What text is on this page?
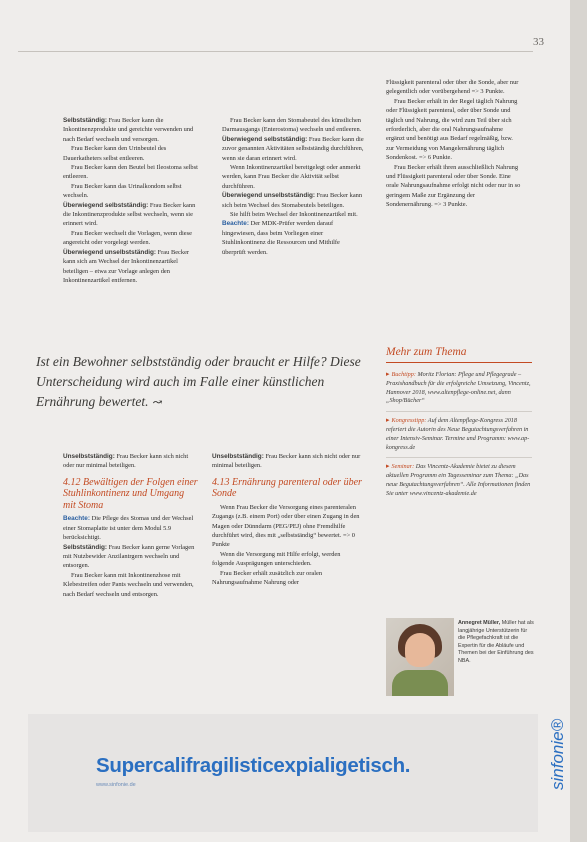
33

Selbstständig: Frau Becker kann die Inkontinenzprodukte und gereichte verwenden und nach Bedarf wechseln und versorgen.

Frau Becker kann den Urinbeutel des Dauerkatheters selbst entleeren.

Frau Becker kann den Beutel bei Ileostoma selbst entleeren.

Frau Becker kann das Urinalkondom selbst wechseln.

Überwiegend selbstständig: Frau Becker kann die Inkontinenzprodukte selbst wechseln, wenn sie erinnert wird.

Frau Becker wechselt die Vorlagen, wenn diese angereicht oder vorgelegt werden.

Überwiegend unselbstständig: Frau Becker kann sich am Wechsel der Inkontinenzartikel beteiligen – etwa zur Vorlage anlegen den Inkontinenzartikel entfernen.

Frau Becker kann den Stomabeutel des künstlichen Darmausgangs (Enterostoma) wechseln und entleeren.

Überwiegend selbstständig: Frau Becker kann die zuvor genannten Aktivitäten selbstständig durchführen, wenn sie daran erinnert wird.

Wenn Inkontinenzartikel bereitgelegt oder anmerkt werden, kann Frau Becker die Aktivität selbst durchführen.

Überwiegend unselbstständig: Frau Becker kann sich beim Wechsel des Stomabeutels beteiligen.

Sie hilft beim Wechsel der Inkontinenzartikel mit.

Beachte: Der MDK-Prüfer werden darauf hingewiesen, dass beim Vorliegen einer Stuhlinkontinenz die Ressourcen und Mithilfe überprüft werden.

Flüssigkeit parenteral oder über die Sonde, aber nur gelegentlich oder vorübergehend => 3 Punkte.

Frau Becker erhält in der Regel täglich Nahrung oder Flüssigkeit parenteral, oder über Sonde und täglich und Nahrung, die wird zum Teil über sich erforderlich, aber die oral Nahrungsaufnahme ergänzt und benötigt aus Bedarf regelmäßig, bzw. zur Vermeidung von Mangelernährung täglich Sondenkost. => 6 Punkte.

Frau Becker erhält ihren ausschließlich Nahrung und Flüssigkeit parenteral oder über Sonde. Eine orale Nahrungsaufnahme erfolgt nicht oder nur in so geringem Maße zur Ergänzung der Sondenernährung. => 3 Punkte.

Ist ein Bewohner selbstständig oder braucht er Hilfe? Diese Unterscheidung wird auch im Falle einer künstlichen Ernährung bewertet. ↝

Unselbstständig: Frau Becker kann sich nicht oder nur minimal beteiligen.

4.12 Bewältigen der Folgen einer Stuhlinkontinenz und Umgang mit Stoma

Beachte: Die Pflege des Stomas und der Wechsel einer Stomaplatte ist unter dem Modul 5.9 berücksichtigt.

Selbstständig: Frau Becker kann gerne Vorlagen mit Nutzbewider Anzilantrgern wechseln und entsorgen.

Frau Becker kann mit Inkontinenzhose mit Klebestreifen oder Pants wechseln und verwenden, nach Bedarf wechseln und entsorgen.

Unselbstständig: Frau Becker kann sich nicht oder nur minimal beteiligen.

4.13 Ernährung parenteral oder über Sonde

Wenn Frau Becker die Versorgung eines parenteralen Zugangs (z.B. einem Port) oder über einen Zugang in den Magen oder Dünndarm (PEG/PEJ) ohne Fremdhilfe durchführt wird, dies mit „selbstständig“ bewertet. => 0 Punkte

Wenn die Versorgung mit Hilfe erfolgt, werden folgende Ausprägungen unterschieden.

Frau Becker erhält zusätzlich zur oralen Nahrungsaufnahme Nahrung oder

Mehr zum Thema
▸ Buchtipp: Moritz Florian: Pflege und Pflegegrade – Praxishandbuch für die erfolgreiche Umsetzung, Vincentz, Hannover 2018, www.altenpflege-online.net, dann „Shop/Bücher“
▸ Kongresstipp: Auf dem Altenpflege-Kongress 2018 referiert die Autorin des Neue Begutachtungsverfahren in einer Intensiv-Seminar. Termine und Programm: www.ap-kongress.de
▸ Seminar: Das Vincentz-Akademie bietet zu diesem aktuellen Programm ein Tagesseminar zum Thema: „Das neue Begutachtungsverfahren“. Alle Informationen finden Sie unter www.vincentz-akademie.de
Annegret Müller, Müller hat als langjährige Unterstützerin für die Pflegefachkraft ist die Expertin für die Abläufe und Themen bei der Einführung des NBA.
Supercalifragilisticexpialigetisch.
www.sinfonie.de	sinfonie®
